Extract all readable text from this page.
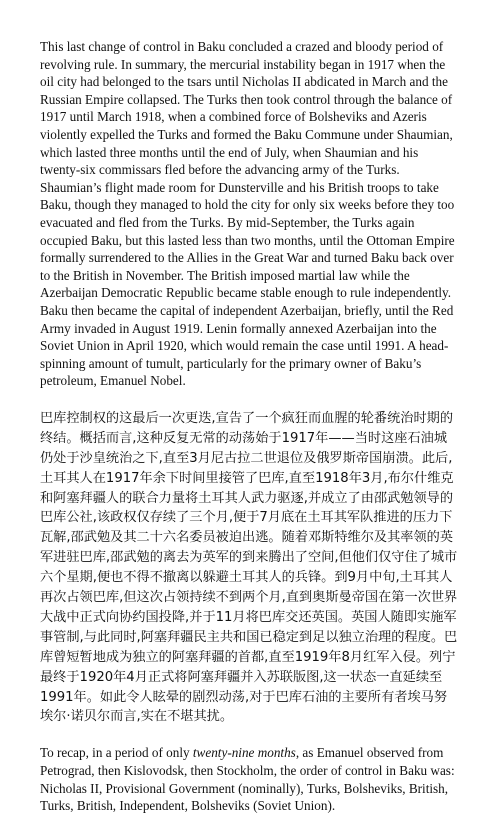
This last change of control in Baku concluded a crazed and bloody period of revolving rule. In summary, the mercurial instability began in 1917 when the oil city had belonged to the tsars until Nicholas II abdicated in March and the Russian Empire collapsed. The Turks then took control through the balance of 1917 until March 1918, when a combined force of Bolsheviks and Azeris violently expelled the Turks and formed the Baku Commune under Shaumian, which lasted three months until the end of July, when Shaumian and his twenty-six commissars fled before the advancing army of the Turks. Shaumian’s flight made room for Dunsterville and his British troops to take Baku, though they managed to hold the city for only six weeks before they too evacuated and fled from the Turks. By mid-September, the Turks again occupied Baku, but this lasted less than two months, until the Ottoman Empire formally surrendered to the Allies in the Great War and turned Baku back over to the British in November. The British imposed martial law while the Azerbaijan Democratic Republic became stable enough to rule independently. Baku then became the capital of independent Azerbaijan, briefly, until the Red Army invaded in August 1919. Lenin formally annexed Azerbaijan into the Soviet Union in April 1920, which would remain the case until 1991. A head-spinning amount of tumult, particularly for the primary owner of Baku’s petroleum, Emanuel Nobel.

巴库控制权的这最后一次更迭,宣告了一个疯狂而血腥的轮番统治时期的终结。概括而言,这种反复无常的动荡始于1917年——当时这座石油城仍处于沙皇统治之下,直至3月尼古拉二世退位及俄罗斯帝国崩溃。此后,土耳其人在1917年余下时间里接管了巴库,直至1918年3月,布尔什维克和阿塞拜疆人的联合力量将土耳其人武力驱逐,并成立了由邵武勉领导的巴库公社,该政权仅存续了三个月,便于7月底在土耳其军队推进的压力下瓦解,邵武勉及其二十六名委员被迫出逃。随着邓斯特维尔及其率领的英军进驻巴库,邵武勉的离去为英军的到来腾出了空间,但他们仅守住了城市六个星期,便也不得不撤离以躲避土耳其人的兵锋。到9月中旬,土耳其人再次占领巴库,但这次占领持续不到两个月,直到奥斯曼帝国在第一次世界大战中正式向协约国投降,并于11月将巴库交还英国。英国人随即实施军事管制,与此同时,阿塞拜疆民主共和国已稳定到足以独立治理的程度。巴库曾短暂地成为独立的阿塞拜疆的首都,直至1919年8月红军入侵。列宁最终于1920年4月正式将阿塞拜疆并入苏联版图,这一状态一直延续至1991年。如此令人眩晕的剧烈动荡,对于巴库石油的主要所有者埃马努埃尔·诺贝尔而言,实在不堪其扰。

To recap, in a period of only twenty-nine months, as Emanuel observed from Petrograd, then Kislovodsk, then Stockholm, the order of control in Baku was: Nicholas II, Provisional Government (nominally), Turks, Bolsheviks, British, Turks, British, Independent, Bolsheviks (Soviet Union).
